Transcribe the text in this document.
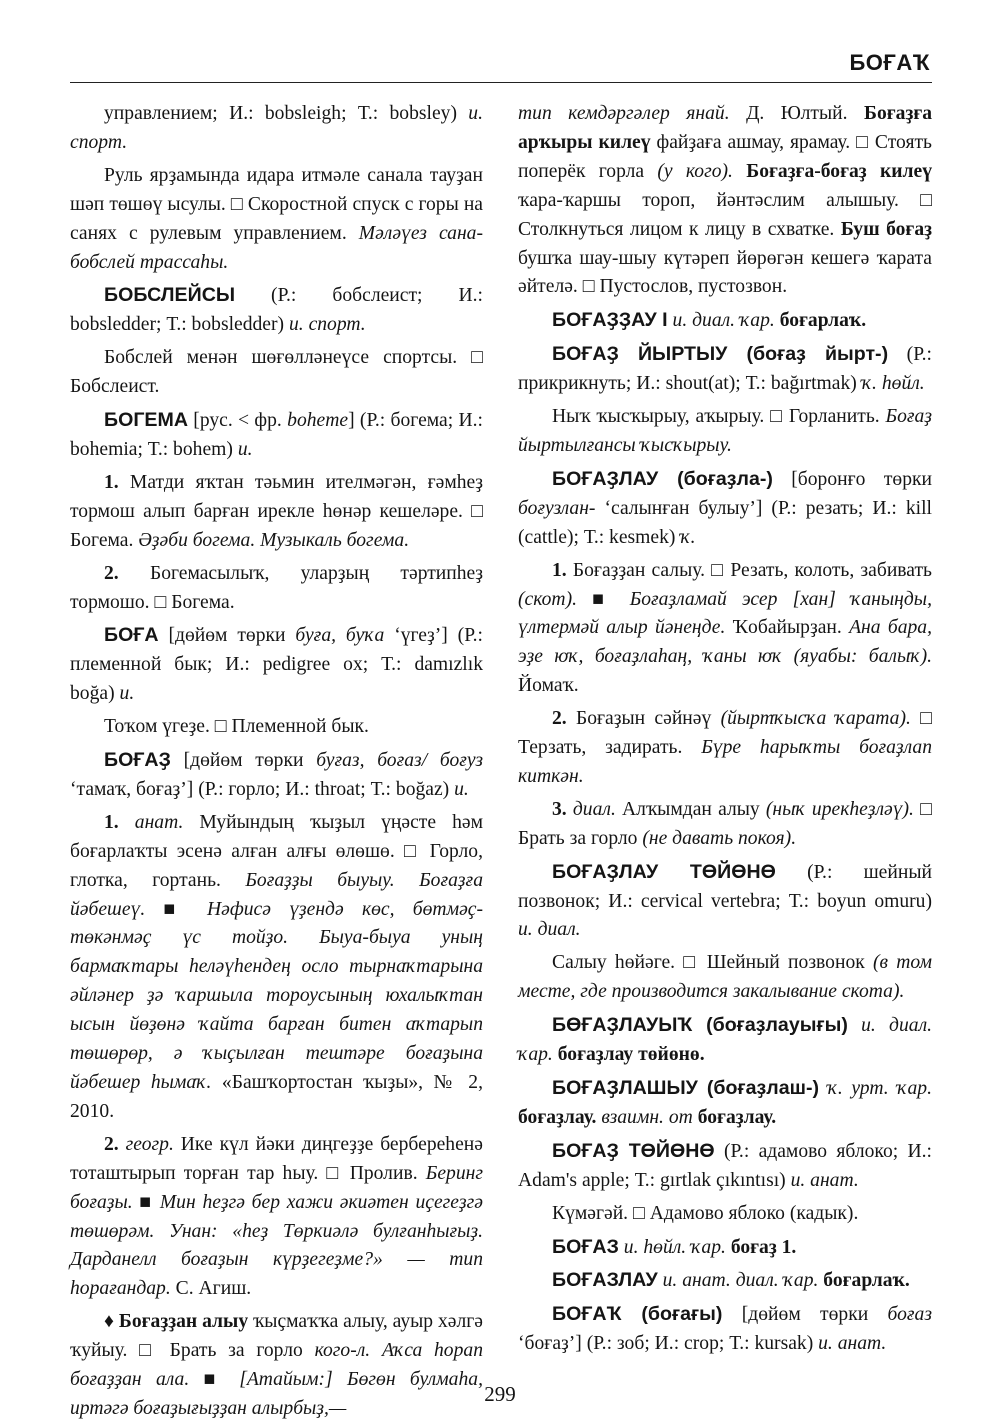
БОҒАҠ

управлением; И.: bobsleigh; Т.: bobsley) и. спорт.

Руль ярҙамында идара итмәле санала тауҙан шәп төшөү ысулы. □ Скоростной спуск с горы на санях с рулевым управлением. Мәләүез сана-бобслей трассаһы.

БОБСЛЕЙСЫ (Р.: бобслеист; И.: bobsledder; Т.: bobsledder) и. спорт.

Бобслей менән шөғөлләнеүсе спортсы. □ Бобслеист.

БОГЕМА [рус. < фр. boheme] (Р.: богема; И.: bohemia; Т.: bohem) и.

1. Матди яҡтан тәьмин ителмәгән, ғәмһеҙ тормош алып барған ирекле һөнәр кешеләре. □ Богема. Әҙәби богема. Музыкаль богема.

2. Богемасылыҡ, уларҙың тәртипһеҙ тормошо. □ Богема.

БОҒА [дөйөм төрки буға, буҡа ‘үгеҙ’] (Р.: племенной бык; И.: pedigree ox; Т.: damızlık boğa) и.

Тоҡом үгеҙе. □ Племенной бык.

БОҒАҘ [дөйөм төрки буғаз, боғаз/ боғуз ‘тамаҡ, боғаҙ’] (Р.: горло; И.: throat; Т.: boğaz) и.

1. анат. Муйындың ҡыҙыл үңәсте һәм боғарлаҡты эсенә алған алғы өлөшө. □ Горло, глотка, гортань. Боғаҙҙы быуыу. Боғаҙға йәбешеү. ■ Нәфисә үҙендә көс, бөтмәҫ-төкәнмәҫ үс тойҙо. Быуа-быуа уның бармаҡтары һеләүһендең осло тырнаҡтарына әйләнер ҙә ҡаршыла тороусының юхалыҡтан ысын йөҙөнә ҡайта барған битен аҡтарып төшөрөр, ә ҡыҫылған тештәре боғаҙына йәбешер һымаҡ. «Башҡортостан ҡыҙы», № 2, 2010.

2. геогр. Ике күл йәки диңгеҙҙе бербереһенә тоташтырып торған тар һыу. □ Пролив. Беринг боғаҙы. ■ Мин һеҙгә бер хажи әкиәтен иҫегеҙгә төшөрәм. Унан: «һеҙ Төркиәлә булғанһығыҙ. Дарданелл боғаҙын күрҙегеҙме?» — тип һорағандар. С. Агиш.

♦ Боғаҙҙан алыу ҡыҫмаҡҡа алыу, ауыр хәлгә ҡуйыу. □ Брать за горло кого-л. Аҡса һорап боғаҙҙан ала. ■ [Атайым:] Бөгөн булмаһа, иртәгә боғаҙығыҙҙан алырбыҙ,—

тип кемдәргәлер янай. Д. Юлтый. Боғаҙға арҡыры килеү файҙаға ашмау, ярамау. □ Стоять поперёк горла (у кого). Боғаҙға-боғаҙ килеү ҡара-ҡаршы тороп, йәнтәслим алышыу. □ Столкнуться лицом к лицу в схватке. Буш боғаҙ бушҡа шау-шыу күтәреп йөрөгән кешегә ҡарата әйтелә. □ Пустослов, пустозвон.

БОҒАҘҘАУ I и. диал. ҡар. боғарлаҡ.

БОҒАҘ ЙЫРТЫУ (боғаҙ йырт-) (Р.: прикрикнуть; И.: shout(at); Т.: bağırtmak) ҡ. һөйл.

Ныҡ ҡысҡырыу, аҡырыу. □ Горланить. Боғаҙ йыртылғансы ҡысҡырыу.

БОҒАҘЛАУ (боғаҙла-) [боронғо төрки боғузлан- ‘салынған булыу’] (Р.: резать; И.: kill (cattle); Т.: kesmek) ҡ.

1. Боғаҙҙан салыу. □ Резать, колоть, забивать (скот). ■ Боғаҙламай эсер [хан] ҡаныңды, үлтермәй алыр йәнеңде. Ҡобайырҙан. Ана бара, эҙе юҡ, боғаҙлаһаң, ҡаны юҡ (яуабы: балыҡ). Йомаҡ.

2. Боғаҙын сәйнәү (йыртҡысҡа ҡарата). □ Терзать, задирать. Бүре һарыҡты боғаҙлап киткән.

3. диал. Алҡымдан алыу (ныҡ ирекһеҙләү). □ Брать за горло (не давать покоя).

БОҒАҘЛАУ ТӨЙӨНӨ (Р.: шейный позвонок; И.: cervical vertebra; Т.: boyun omuru) и. диал.

Салыу һөйәге. □ Шейный позвонок (в том месте, где производится закалывание скота).

БӨҒАҘЛАУЫҠ (боғаҙлауығы) и. диал. ҡар. боғаҙлау төйөнө.

БОҒАҘЛАШЫУ (боғаҙлаш-) ҡ. урт. ҡар. боғаҙлау. взаимн. от боғаҙлау.

БОҒАҘ ТӨЙӨНӨ (Р.: адамово яблоко; И.: Adam's apple; Т.: gırtlak çıkıntısı) и. анат.

Күмәгәй. □ Адамово яблоко (кадык).

БОҒАЗ и. һөйл. ҡар. боғаҙ 1.

БОҒАЗЛАУ и. анат. диал. ҡар. боғарлаҡ.

БОҒАҠ (боғағы) [дөйөм төрки боғаз ‘боғаҙ’] (Р.: зоб; И.: crop; Т.: kursak) и. анат.

299
